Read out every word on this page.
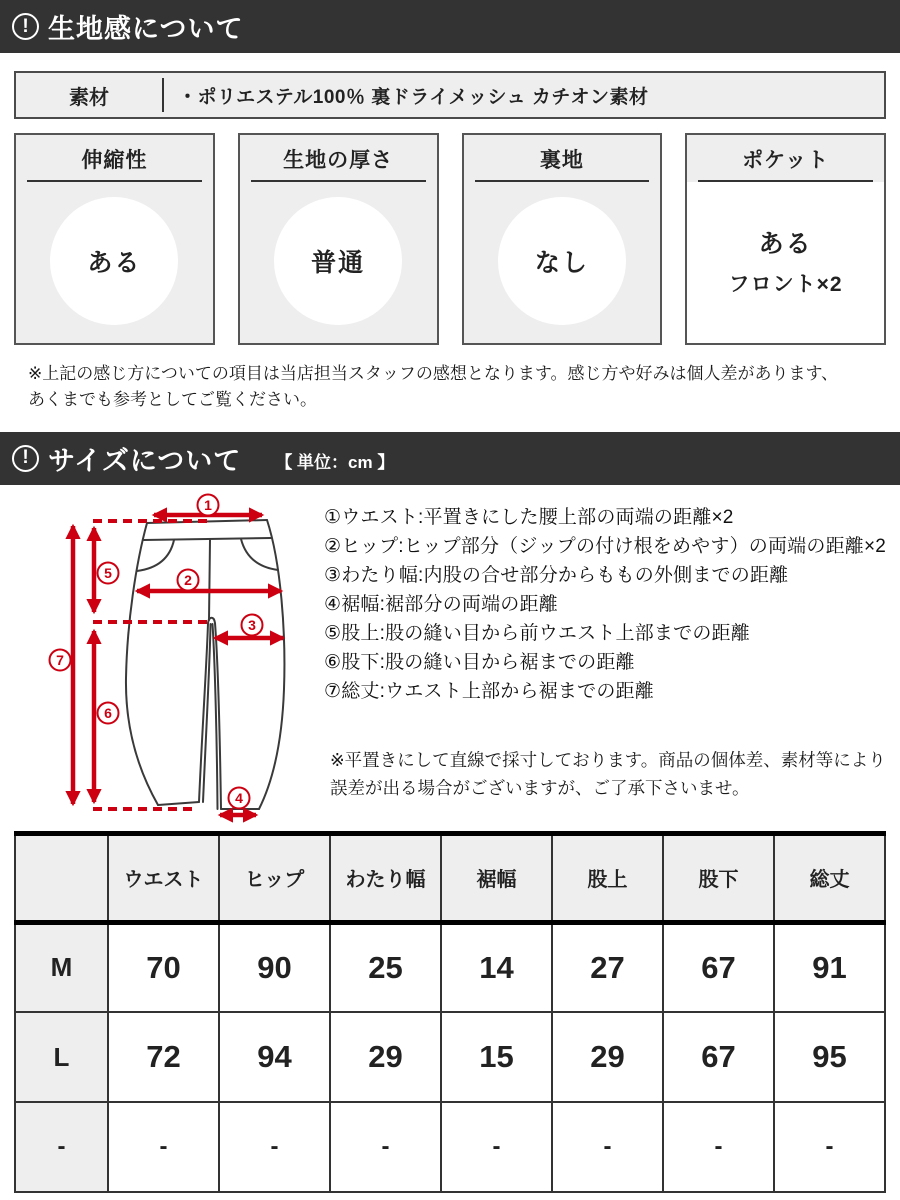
! 生地感について
素材	・ポリエステル100％ 裏ドライメッシュ カチオン素材
伸縮性
ある
生地の厚さ
普通
裏地
なし
ポケット
ある
フロント×2
※上記の感じ方についての項目は当店担当スタッフの感想となります。感じ方や好みは個人差があります、
あくまでも参考としてご覧ください。
! サイズについて 【 単位：cm 】
1
2
3
4
5
6
7
①ウエスト:平置きにした腰上部の両端の距離×2
②ヒップ:ヒップ部分（ジップの付け根をめやす）の両端の距離×2
③わたり幅:内股の合せ部分からももの外側までの距離
④裾幅:裾部分の両端の距離
⑤股上:股の縫い目から前ウエスト上部までの距離
⑥股下:股の縫い目から裾までの距離
⑦総丈:ウエスト上部から裾までの距離
※平置きにして直線で採寸しております。商品の個体差、素材等により
誤差が出る場合がございますが、ご了承下さいませ。
	ウエスト	ヒップ	わたり幅	裾幅	股上	股下	総丈
M	70	90	25	14	27	67	91
L	72	94	29	15	29	67	95
-	-	-	-	-	-	-	-
